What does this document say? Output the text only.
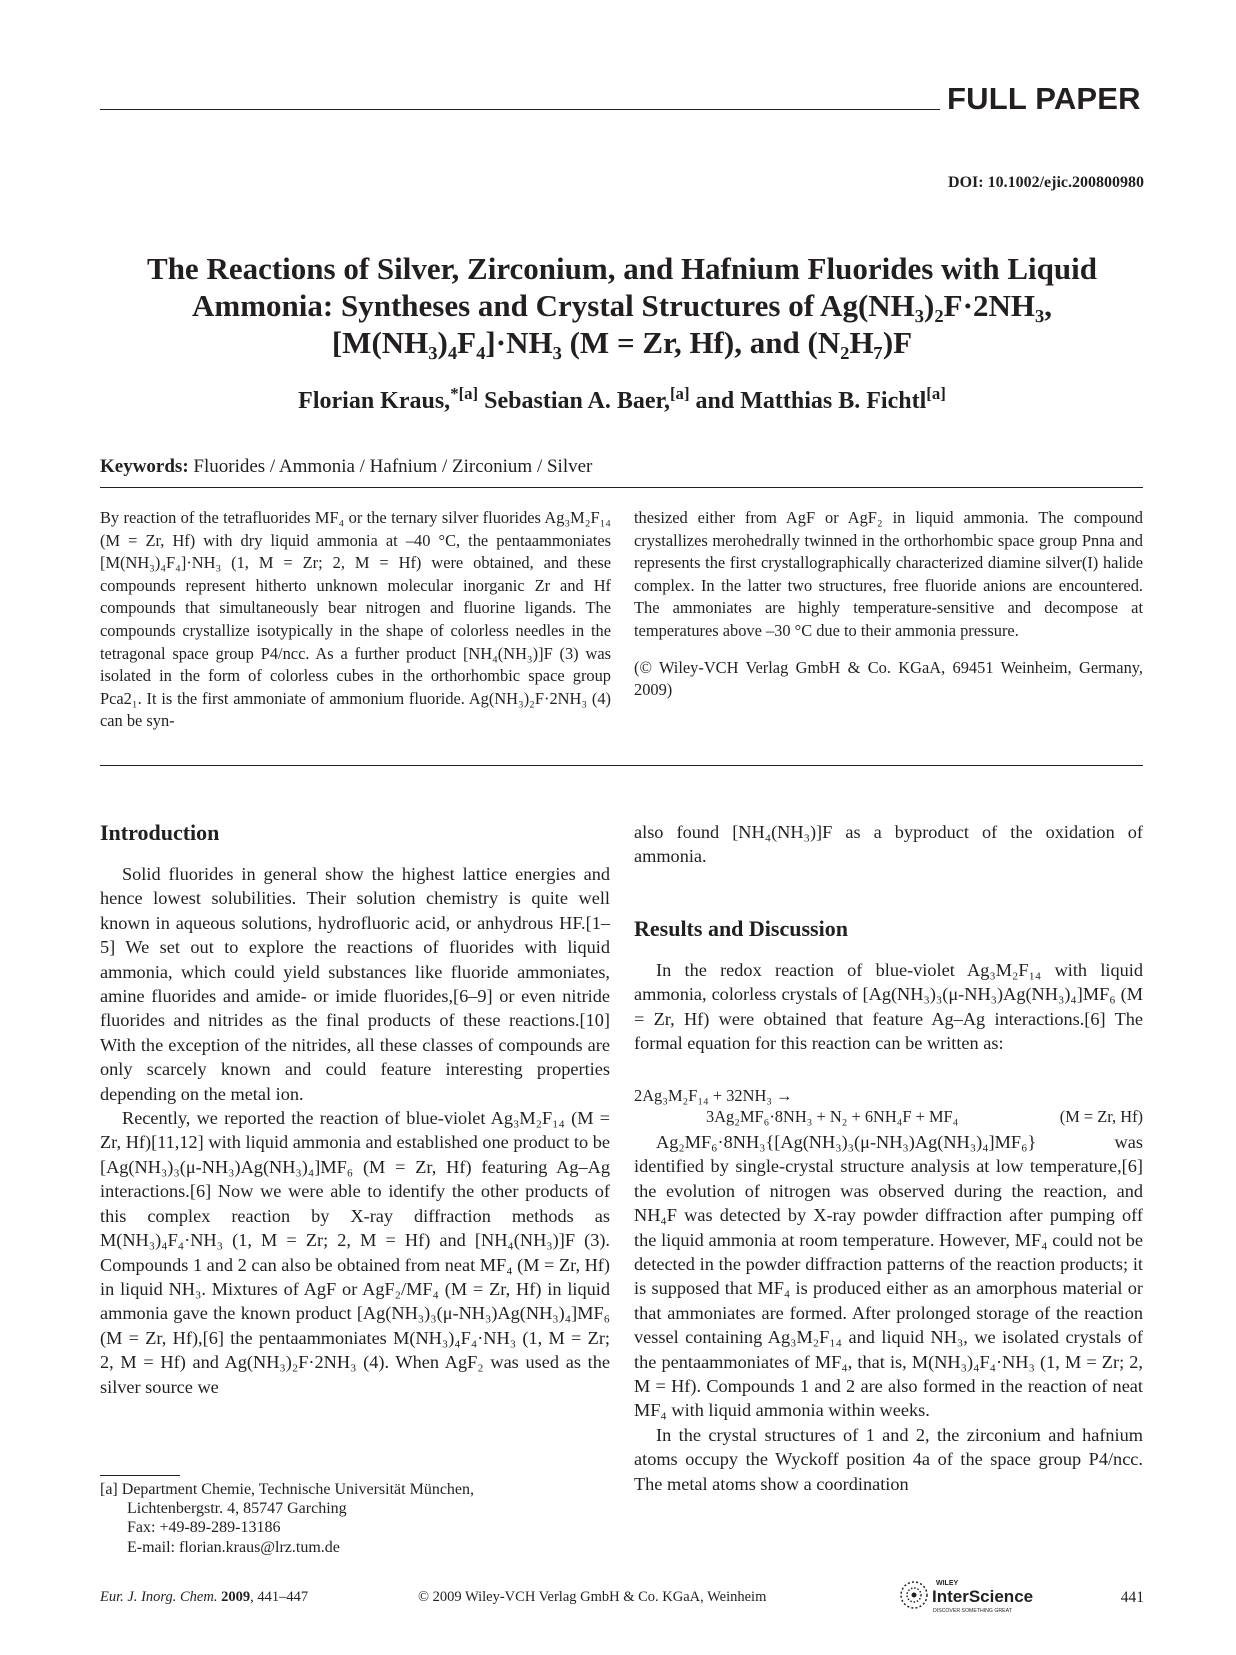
FULL PAPER
DOI: 10.1002/ejic.200800980
The Reactions of Silver, Zirconium, and Hafnium Fluorides with Liquid
Ammonia: Syntheses and Crystal Structures of Ag(NH₃)₂F·2NH₃,
[M(NH₃)₄F₄]·NH₃ (M = Zr, Hf), and (N₂H₇)F
Florian Kraus,$^{*[a]}$ Sebastian A. Baer,[a] and Matthias B. Fichtl[a]
Keywords: Fluorides / Ammonia / Hafnium / Zirconium / Silver
By reaction of the tetrafluorides MF₄ or the ternary silver fluorides Ag₃M₂F₁₄ (M = Zr, Hf) with dry liquid ammonia at –40 °C, the pentaammoniates [M(NH₃)₄F₄]·NH₃ (1, M = Zr; 2, M = Hf) were obtained, and these compounds represent hitherto unknown molecular inorganic Zr and Hf compounds that simultaneously bear nitrogen and fluorine ligands. The compounds crystallize isotypically in the shape of colorless needles in the tetragonal space group P4/ncc. As a further product [NH₄(NH₃)]F (3) was isolated in the form of colorless cubes in the orthorhombic space group Pca2₁. It is the first ammoniate of ammonium fluoride. Ag(NH₃)₂F·2NH₃ (4) can be syn-

thesized either from AgF or AgF₂ in liquid ammonia. The compound crystallizes merohedrally twinned in the orthorhombic space group Pnna and represents the first crystallographically characterized diamine silver(I) halide complex. In the latter two structures, free fluoride anions are encountered. The ammoniates are highly temperature-sensitive and decompose at temperatures above –30 °C due to their ammonia pressure.

(© Wiley-VCH Verlag GmbH & Co. KGaA, 69451 Weinheim, Germany, 2009)

Introduction

Solid fluorides in general show the highest lattice energies and hence lowest solubilities. Their solution chemistry is quite well known in aqueous solutions, hydrofluoric acid, or anhydrous HF.[1–5] We set out to explore the reactions of fluorides with liquid ammonia, which could yield substances like fluoride ammoniates, amine fluorides and amide- or imide fluorides,[6–9] or even nitride fluorides and nitrides as the final products of these reactions.[10] With the exception of the nitrides, all these classes of compounds are only scarcely known and could feature interesting properties depending on the metal ion.

Recently, we reported the reaction of blue-violet Ag₃M₂F₁₄ (M = Zr, Hf)[11,12] with liquid ammonia and established one product to be [Ag(NH₃)₃(μ-NH₃)Ag(NH₃)₄]MF₆ (M = Zr, Hf) featuring Ag–Ag interactions.[6] Now we were able to identify the other products of this complex reaction by X-ray diffraction methods as M(NH₃)₄F₄·NH₃ (1, M = Zr; 2, M = Hf) and [NH₄(NH₃)]F (3). Compounds 1 and 2 can also be obtained from neat MF₄ (M = Zr, Hf) in liquid NH₃. Mixtures of AgF or AgF₂/MF₄ (M = Zr, Hf) in liquid ammonia gave the known product [Ag(NH₃)₃(μ-NH₃)Ag(NH₃)₄]MF₆ (M = Zr, Hf),[6] the pentaammoniates M(NH₃)₄F₄·NH₃ (1, M = Zr; 2, M = Hf) and Ag(NH₃)₂F·2NH₃ (4). When AgF₂ was used as the silver source we

also found [NH₄(NH₃)]F as a byproduct of the oxidation of ammonia.

Results and Discussion

In the redox reaction of blue-violet Ag₃M₂F₁₄ with liquid ammonia, colorless crystals of [Ag(NH₃)₃(μ-NH₃)Ag(NH₃)₄]MF₆ (M = Zr, Hf) were obtained that feature Ag–Ag interactions.[6] The formal equation for this reaction can be written as:

2Ag₃M₂F₁₄ + 32NH₃ →
(M = Zr, Hf)
3Ag₂MF₆·8NH₃ + N₂ + 6NH₄F + MF₄

Ag₂MF₆·8NH₃{[Ag(NH₃)₃(μ-NH₃)Ag(NH₃)₄]MF₆} was identified by single-crystal structure analysis at low temperature,[6] the evolution of nitrogen was observed during the reaction, and NH₄F was detected by X-ray powder diffraction after pumping off the liquid ammonia at room temperature. However, MF₄ could not be detected in the powder diffraction patterns of the reaction products; it is supposed that MF₄ is produced either as an amorphous material or that ammoniates are formed. After prolonged storage of the reaction vessel containing Ag₃M₂F₁₄ and liquid NH₃, we isolated crystals of the pentaammoniates of MF₄, that is, M(NH₃)₄F₄·NH₃ (1, M = Zr; 2, M = Hf). Compounds 1 and 2 are also formed in the reaction of neat MF₄ with liquid ammonia within weeks.

In the crystal structures of 1 and 2, the zirconium and hafnium atoms occupy the Wyckoff position 4a of the space group P4/ncc. The metal atoms show a coordination

[a] Department Chemie, Technische Universität München,
Lichtenbergstr. 4, 85747 Garching
Fax: +49-89-289-13186
E-mail: florian.kraus@lrz.tum.de
Eur. J. Inorg. Chem. 2009, 441–447	© 2009 Wiley-VCH Verlag GmbH & Co. KGaA, Weinheim
WILEY
InterScience
DISCOVER SOMETHING GREAT
441
